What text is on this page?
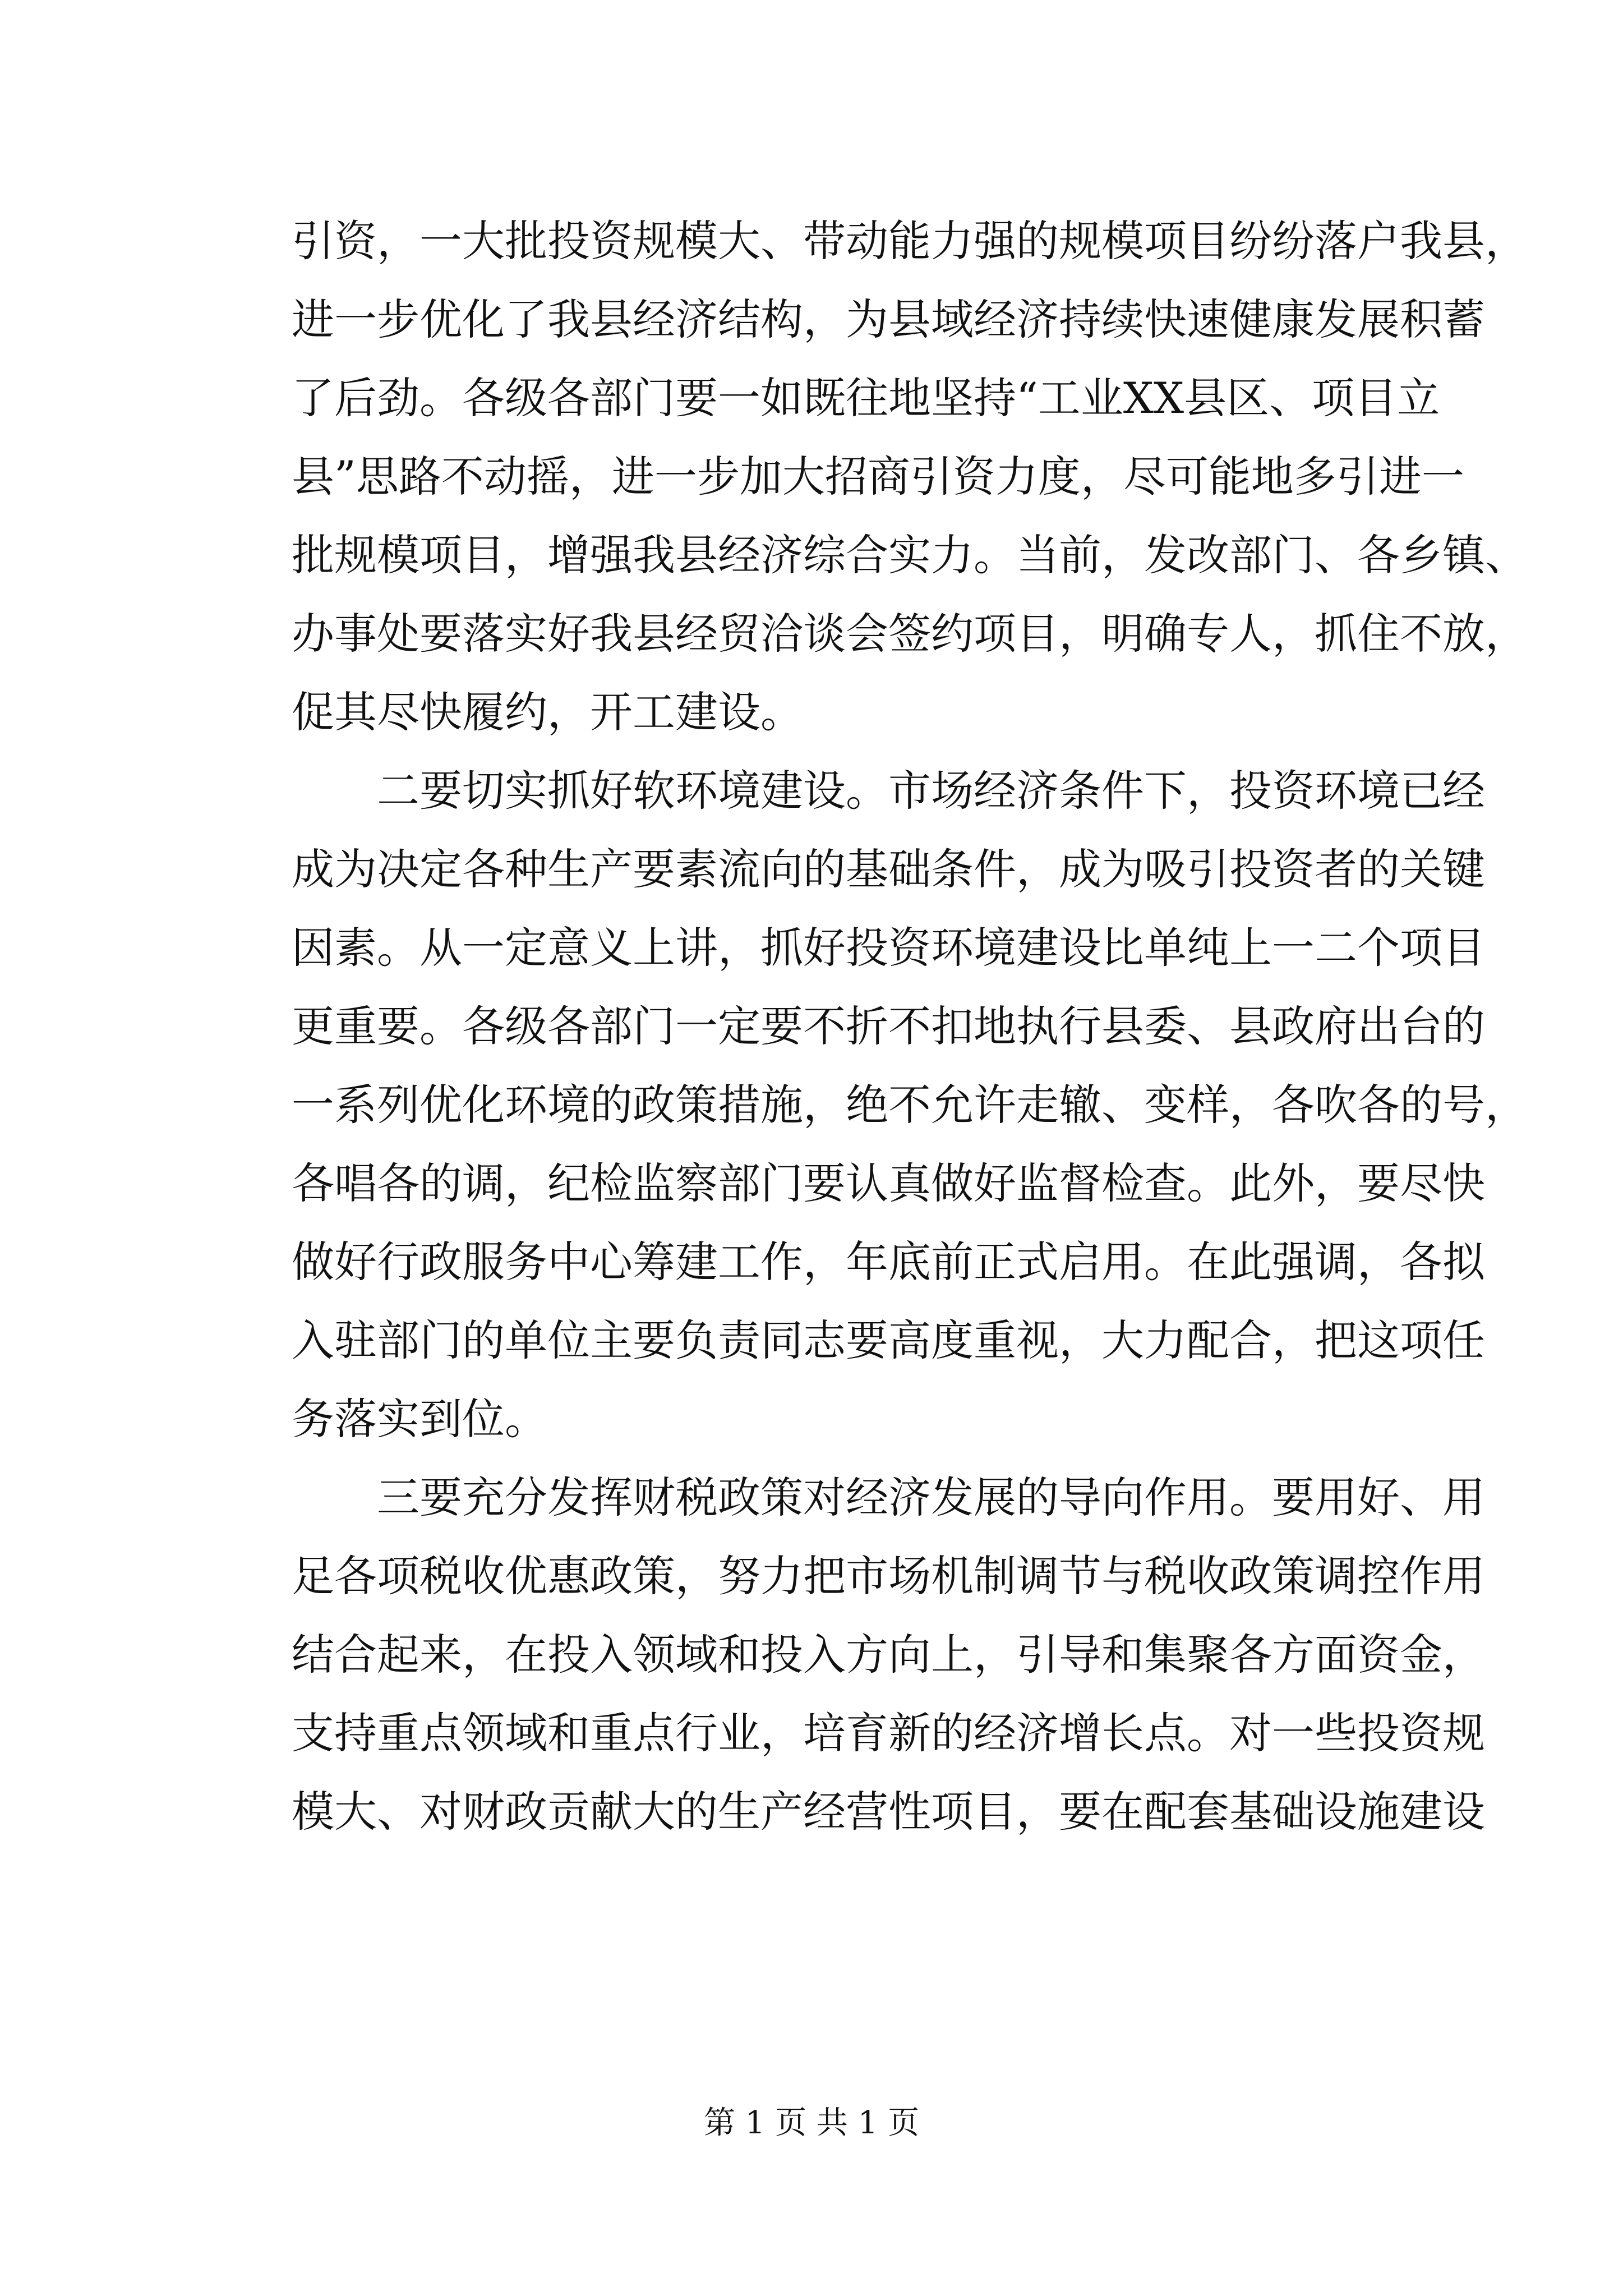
引资，一大批投资规模大、带动能力强的规模项目纷纷落户我县，
进一步优化了我县经济结构，为县域经济持续快速健康发展积蓄
了后劲。各级各部门要一如既往地坚持“工业XX县区、项目立
县”思路不动摇，进一步加大招商引资力度，尽可能地多引进一
批规模项目，增强我县经济综合实力。当前，发改部门、各乡镇、
办事处要落实好我县经贸洽谈会签约项目，明确专人，抓住不放，
促其尽快履约，开工建设。
二要切实抓好软环境建设。市场经济条件下，投资环境已经
成为决定各种生产要素流向的基础条件，成为吸引投资者的关键
因素。从一定意义上讲，抓好投资环境建设比单纯上一二个项目
更重要。各级各部门一定要不折不扣地执行县委、县政府出台的
一系列优化环境的政策措施，绝不允许走辙、变样，各吹各的号，
各唱各的调，纪检监察部门要认真做好监督检查。此外，要尽快
做好行政服务中心筹建工作，年底前正式启用。在此强调，各拟
入驻部门的单位主要负责同志要高度重视，大力配合，把这项任
务落实到位。
三要充分发挥财税政策对经济发展的导向作用。要用好、用
足各项税收优惠政策，努力把市场机制调节与税收政策调控作用
结合起来，在投入领域和投入方向上，引导和集聚各方面资金，
支持重点领域和重点行业，培育新的经济增长点。对一些投资规
模大、对财政贡献大的生产经营性项目，要在配套基础设施建设
第 1 页 共 1 页
